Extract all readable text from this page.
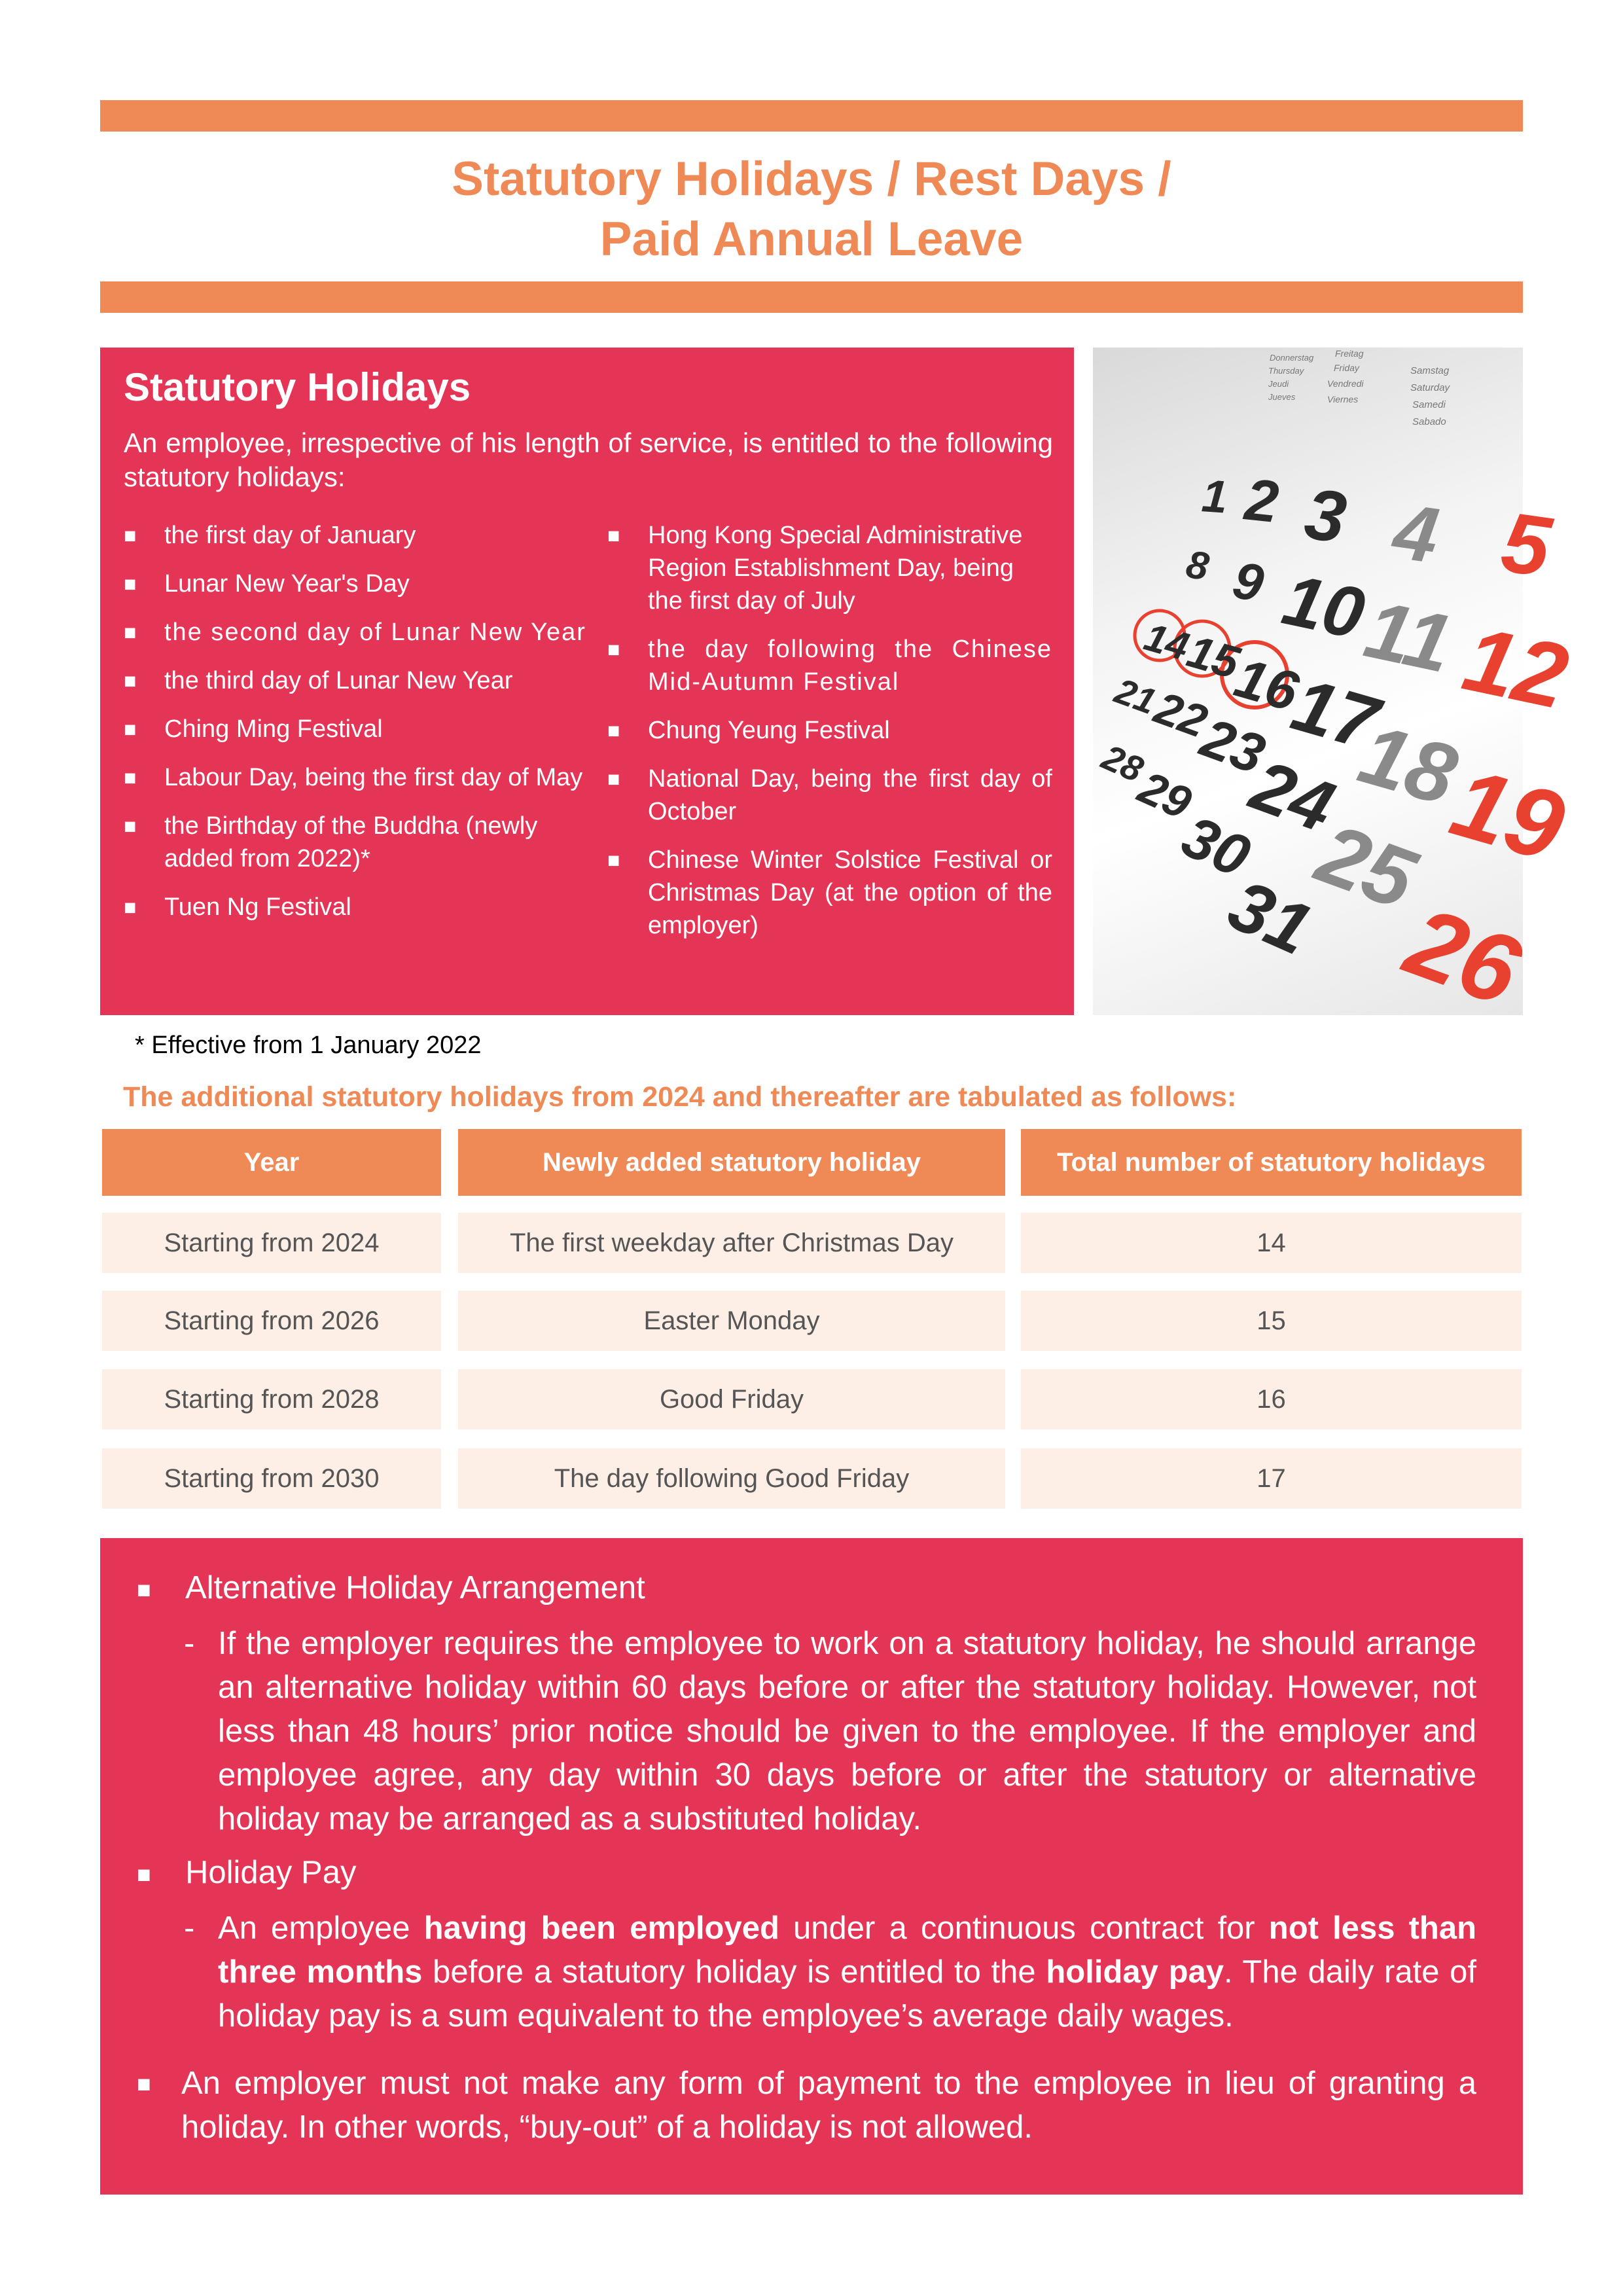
Statutory Holidays / Rest Days /
Paid Annual Leave
Statutory Holidays
An employee, irrespective of his length of service, is entitled to the following statutory holidays:
■ the first day of January
■ Lunar New Year's Day
■ the second day of Lunar New Year
■ the third day of Lunar New Year
■ Ching Ming Festival
■ Labour Day, being the first day of May
■ the Birthday of the Buddha (newly added from 2022)*
■ Tuen Ng Festival
■ Hong Kong Special Administrative Region Establishment Day, being the first day of July
■ the day following the Chinese Mid-Autumn Festival
■ Chung Yeung Festival
■ National Day, being the first day of October
■ Chinese Winter Solstice Festival or Christmas Day (at the option of the employer)
Donnerstag
Thursday
Jeudi
Jueves
Freitag
Friday
Vendredi
Viernes
Samstag
Saturday
Samedi
Sabado
1 2 3 4 5
8 9 10
11
12
14
15
16
17
18
19
21
22
23
24
25
26
28
29
30
31
* Effective from 1 January 2022
The additional statutory holidays from 2024 and thereafter are tabulated as follows:
Year	Newly added statutory holiday	Total number of statutory holidays
Starting from 2024	The first weekday after Christmas Day	14
Starting from 2026	Easter Monday	15
Starting from 2028	Good Friday	16
Starting from 2030	The day following Good Friday	17
■ Alternative Holiday Arrangement
- If the employer requires the employee to work on a statutory holiday, he should arrange an alternative holiday within 60 days before or after the statutory holiday. However, not less than 48 hours’ prior notice should be given to the employee. If the employer and employee agree, any day within 30 days before or after the statutory or alternative holiday may be arranged as a substituted holiday.
■ Holiday Pay
- An employee having been employed under a continuous contract for not less than three months before a statutory holiday is entitled to the holiday pay. The daily rate of holiday pay is a sum equivalent to the employee’s average daily wages.
■ An employer must not make any form of payment to the employee in lieu of granting a holiday. In other words, “buy-out” of a holiday is not allowed.
